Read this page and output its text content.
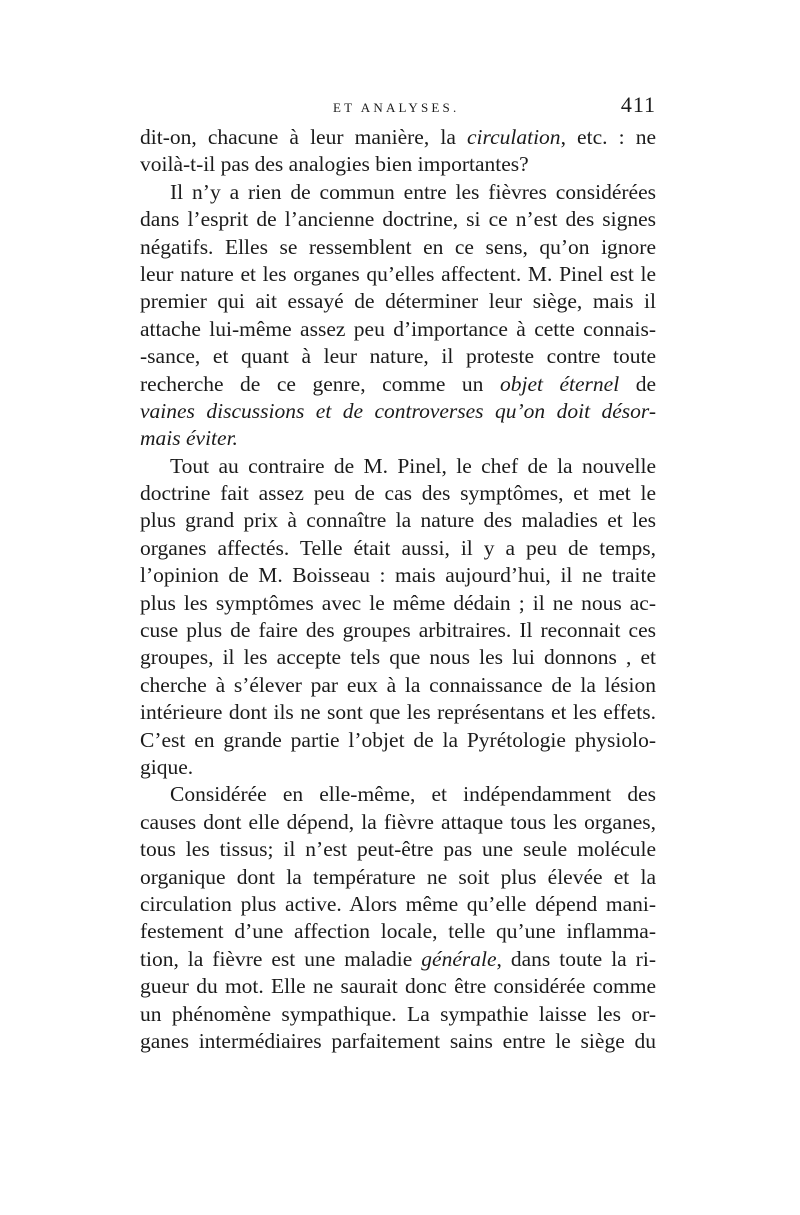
ET ANALYSES.	411
dit-on, chacune à leur manière, la circulation, etc. : ne
voilà-t-il pas des analogies bien importantes?
Il n’y a rien de commun entre les fièvres considérées
dans l’esprit de l’ancienne doctrine, si ce n’est des signes
négatifs. Elles se ressemblent en ce sens, qu’on ignore
leur nature et les organes qu’elles affectent. M. Pinel est le
premier qui ait essayé de déterminer leur siège, mais il
attache lui-même assez peu d’importance à cette connais-
-sance, et quant à leur nature, il proteste contre toute
recherche de ce genre, comme un objet éternel de
vaines discussions et de controverses qu’on doit désor-
mais éviter.
Tout au contraire de M. Pinel, le chef de la nouvelle
doctrine fait assez peu de cas des symptômes, et met le
plus grand prix à connaître la nature des maladies et les
organes affectés. Telle était aussi, il y a peu de temps,
l’opinion de M. Boisseau : mais aujourd’hui, il ne traite
plus les symptômes avec le même dédain ; il ne nous ac-
cuse plus de faire des groupes arbitraires. Il reconnait ces
groupes, il les accepte tels que nous les lui donnons , et
cherche à s’élever par eux à la connaissance de la lésion
intérieure dont ils ne sont que les représentans et les effets.
C’est en grande partie l’objet de la Pyrétologie physiolo-
gique.
Considérée en elle-même, et indépendamment des
causes dont elle dépend, la fièvre attaque tous les organes,
tous les tissus; il n’est peut-être pas une seule molécule
organique dont la température ne soit plus élevée et la
circulation plus active. Alors même qu’elle dépend mani-
festement d’une affection locale, telle qu’une inflamma-
tion, la fièvre est une maladie générale, dans toute la ri-
gueur du mot. Elle ne saurait donc être considérée comme
un phénomène sympathique. La sympathie laisse les or-
ganes intermédiaires parfaitement sains entre le siège du
